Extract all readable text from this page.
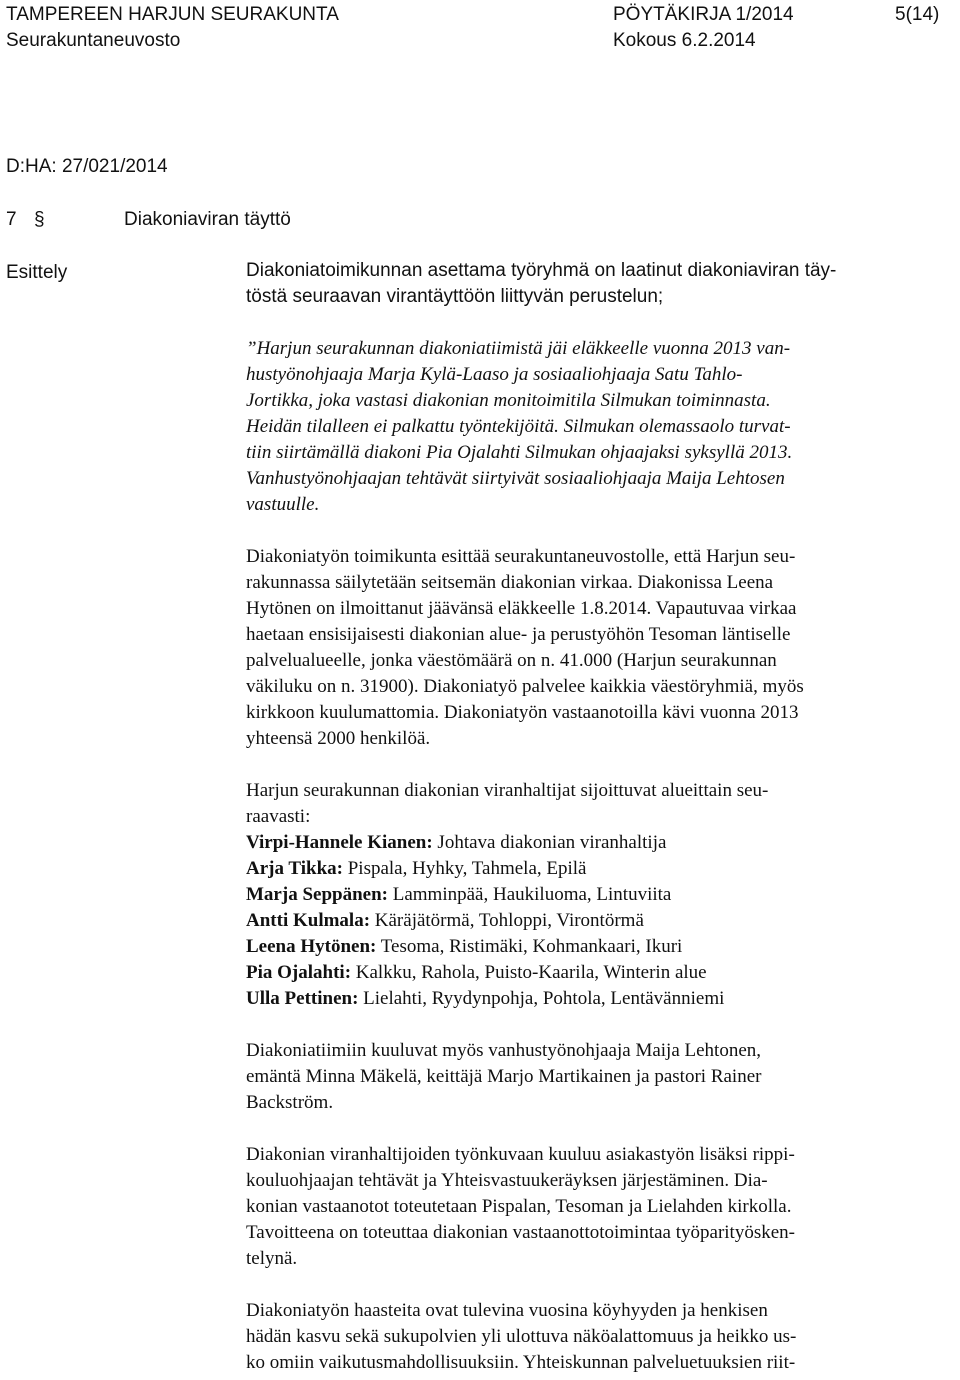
TAMPEREEN HARJUN SEURAKUNTA	PÖYTÄKIRJA 1/2014	5(14)
Seurakuntaneuvosto	Kokous 6.2.2014
D:HA: 27/021/2014
7 §	Diakoniaviran täyttö
Esittely	Diakoniatoimikunnan asettama työryhmä on laatinut diakoniaviran täy-
töstä seuraavan virantäyttöön liittyvän perustelun;
”Harjun seurakunnan diakoniatiimistä jäi eläkkeelle vuonna 2013 van-
hustyönohjaaja Marja Kylä-Laaso ja sosiaaliohjaaja Satu Tahlo-
Jortikka, joka vastasi diakonian monitoimitila Silmukan toiminnasta.
Heidän tilalleen ei palkattu työntekijöitä. Silmukan olemassaolo turvat-
tiin siirtämällä diakoni Pia Ojalahti Silmukan ohjaajaksi syksyllä 2013.
Vanhustyönohjaajan tehtävät siirtyivät sosiaaliohjaaja Maija Lehtosen
vastuulle.
Diakoniatyön toimikunta esittää seurakuntaneuvostolle, että Harjun seu-
rakunnassa säilytetään seitsemän diakonian virkaa. Diakonissa Leena
Hytönen on ilmoittanut jäävänsä eläkkeelle 1.8.2014. Vapautuvaa virkaa
haetaan ensisijaisesti diakonian alue- ja perustyöhön Tesoman läntiselle
palvelualueelle, jonka väestömäärä on n. 41.000 (Harjun seurakunnan
väkiluku on n. 31900). Diakoniatyö palvelee kaikkia väestöryhmiä, myös
kirkkoon kuulumattomia. Diakoniatyön vastaanotoilla kävi vuonna 2013
yhteensä 2000 henkilöä.
Harjun seurakunnan diakonian viranhaltijat sijoittuvat alueittain seu-
raavasti:
Virpi-Hannele Kianen: Johtava diakonian viranhaltija
Arja Tikka: Pispala, Hyhky, Tahmela, Epilä
Marja Seppänen: Lamminpää, Haukiluoma, Lintuviita
Antti Kulmala: Käräjätörmä, Tohloppi, Virontörmä
Leena Hytönen: Tesoma, Ristimäki, Kohmankaari, Ikuri
Pia Ojalahti: Kalkku, Rahola, Puisto-Kaarila, Winterin alue
Ulla Pettinen: Lielahti, Ryydynpohja, Pohtola, Lentävänniemi
Diakoniatiimiin kuuluvat myös vanhustyönohjaaja Maija Lehtonen,
emäntä Minna Mäkelä, keittäjä Marjo Martikainen ja pastori Rainer
Backström.
Diakonian viranhaltijoiden työnkuvaan kuuluu asiakastyön lisäksi rippi-
kouluohjaajan tehtävät ja Yhteisvastuukeräyksen järjestäminen. Dia-
konian vastaanotot toteutetaan Pispalan, Tesoman ja Lielahden kirkolla.
Tavoitteena on toteuttaa diakonian vastaanottotoimintaa työparityösken-
telynä.
Diakoniatyön haasteita ovat tulevina vuosina köyhyyden ja henkisen
hädän kasvu sekä sukupolvien yli ulottuva näköalattomuus ja heikko us-
ko omiin vaikutusmahdollisuuksiin. Yhteiskunnan palveluetuuksien riit-
